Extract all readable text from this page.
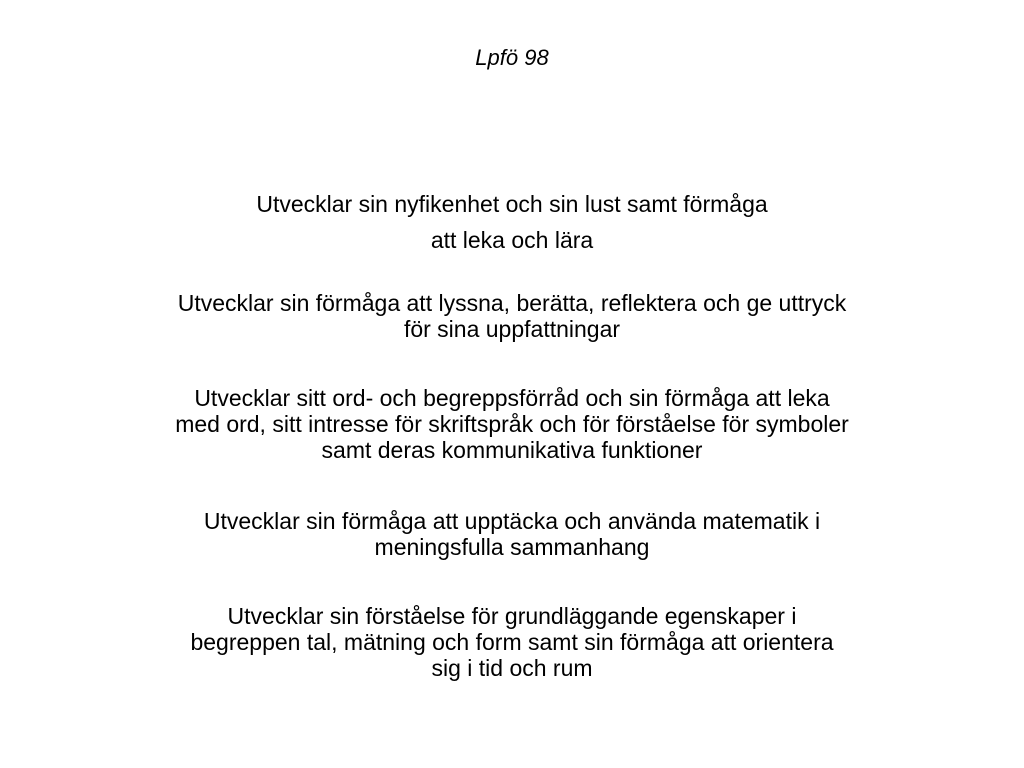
Lpfö 98

Utvecklar sin nyfikenhet och sin lust samt förmåga
att leka och lära

Utvecklar sin förmåga att lyssna, berätta, reflektera och ge uttryck
för sina uppfattningar

Utvecklar sitt ord- och begreppsförråd och sin förmåga att leka
med ord, sitt intresse för skriftspråk och för förståelse för symboler
samt deras kommunikativa funktioner

Utvecklar sin förmåga att upptäcka och använda matematik i
meningsfulla sammanhang

Utvecklar sin förståelse för grundläggande egenskaper i
begreppen tal, mätning och form samt sin förmåga att orientera
sig i tid och rum
